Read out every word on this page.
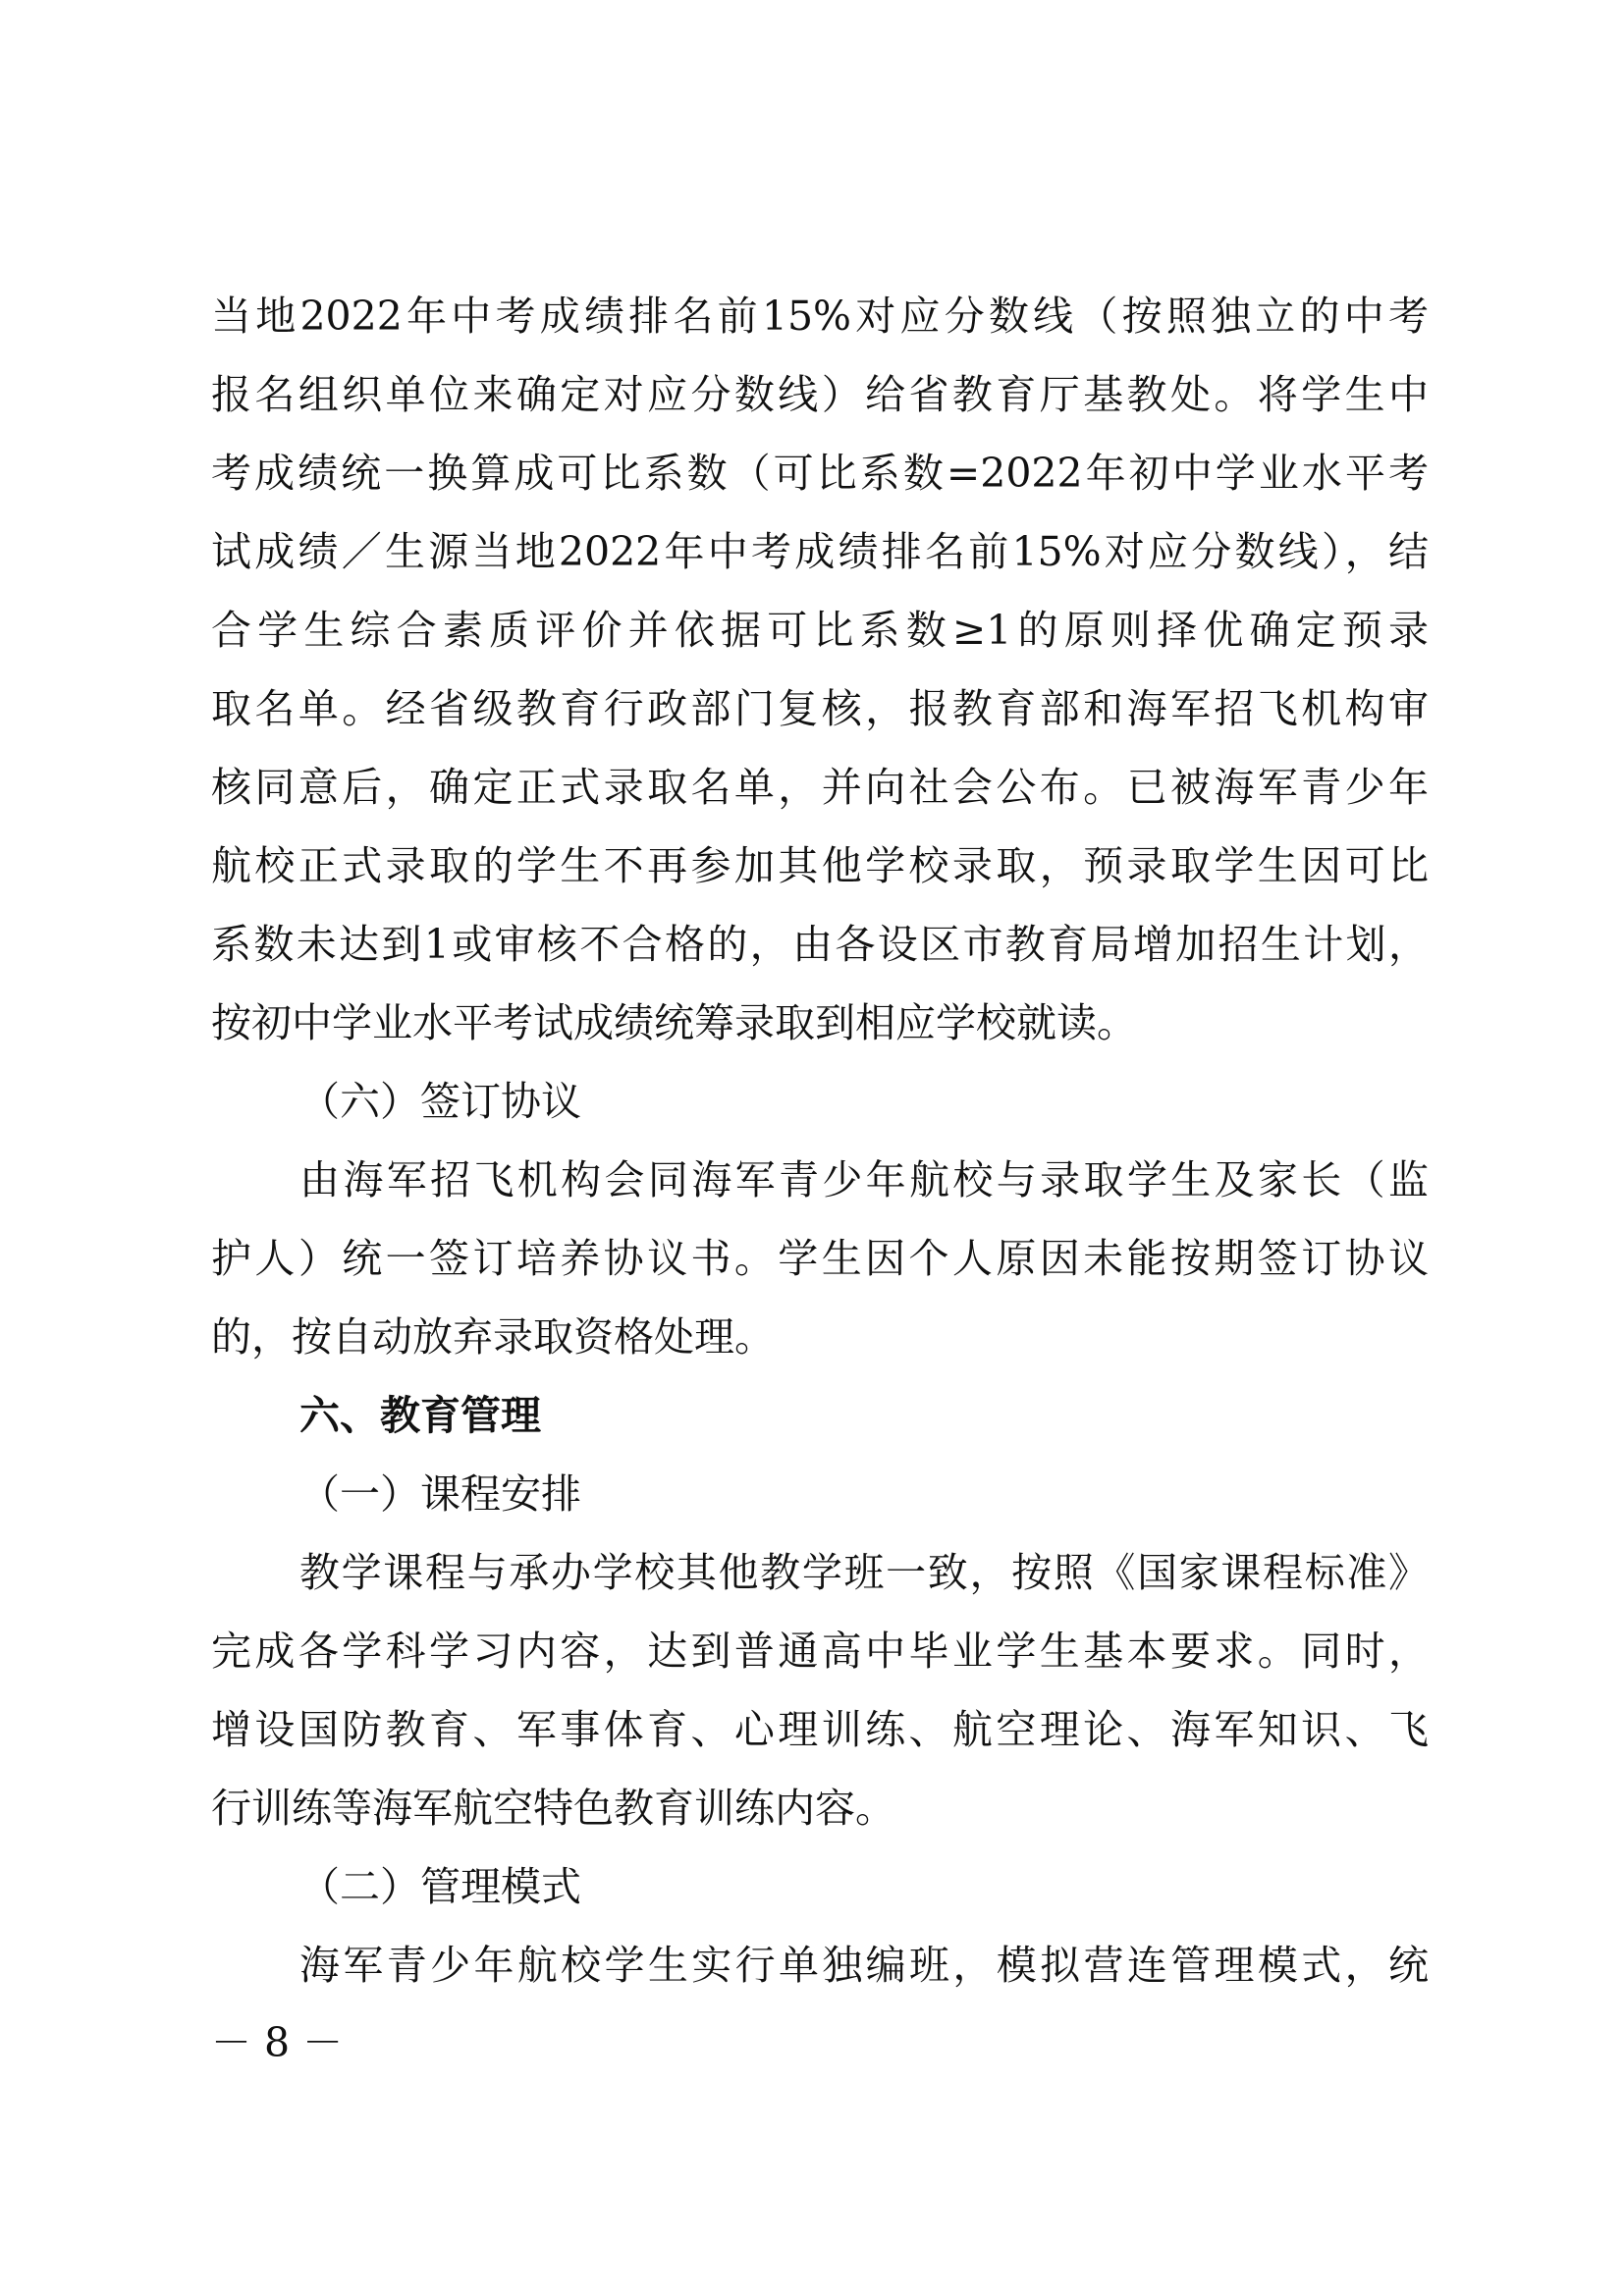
当地2022年中考成绩排名前15%对应分数线（按照独立的中考
报名组织单位来确定对应分数线）给省教育厅基教处。将学生中
考成绩统一换算成可比系数（可比系数=2022年初中学业水平考
试成绩／生源当地2022年中考成绩排名前15%对应分数线），结
合学生综合素质评价并依据可比系数≥1的原则择优确定预录
取名单。经省级教育行政部门复核，报教育部和海军招飞机构审
核同意后，确定正式录取名单，并向社会公布。已被海军青少年
航校正式录取的学生不再参加其他学校录取，预录取学生因可比
系数未达到1或审核不合格的，由各设区市教育局增加招生计划，
按初中学业水平考试成绩统筹录取到相应学校就读。
（六）签订协议
由海军招飞机构会同海军青少年航校与录取学生及家长（监
护人）统一签订培养协议书。学生因个人原因未能按期签订协议
的，按自动放弃录取资格处理。
六、教育管理
（一）课程安排
教学课程与承办学校其他教学班一致，按照《国家课程标准》
完成各学科学习内容，达到普通高中毕业学生基本要求。同时，
增设国防教育、军事体育、心理训练、航空理论、海军知识、飞
行训练等海军航空特色教育训练内容。
（二）管理模式
海军青少年航校学生实行单独编班，模拟营连管理模式，统
－ 8 －
